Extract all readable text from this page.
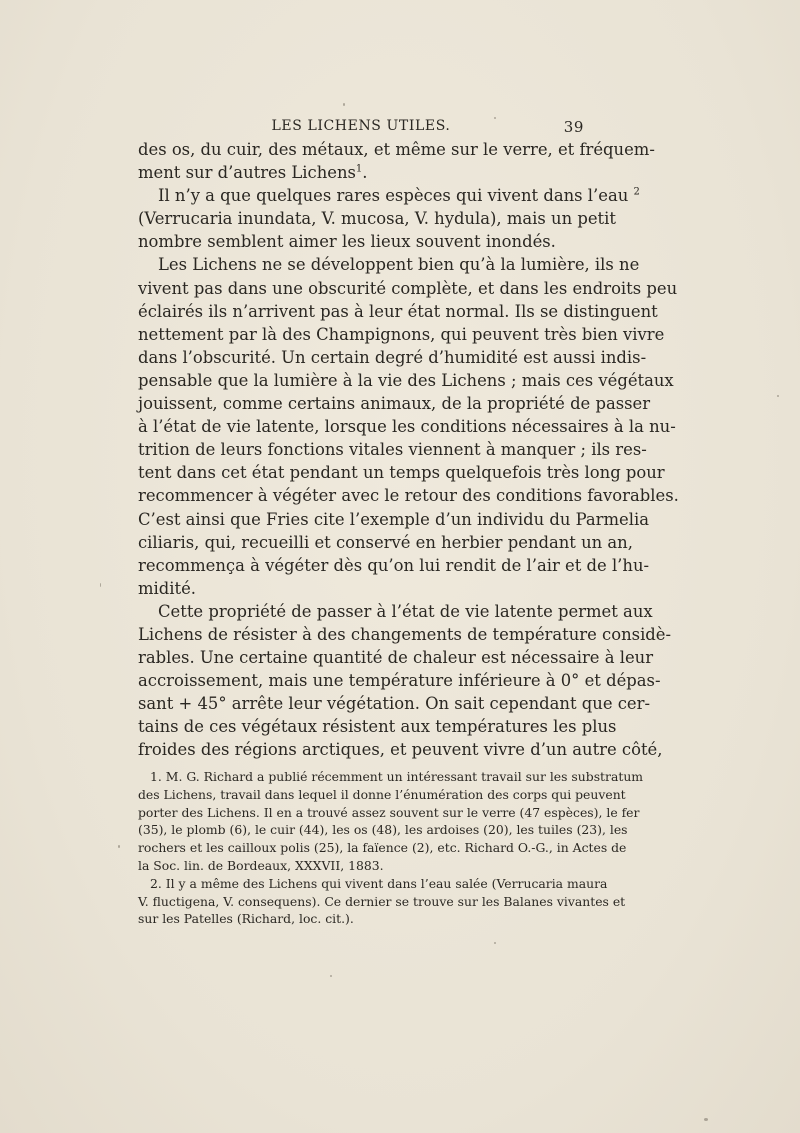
LES LICHENS UTILES.	39
des os, du cuir, des métaux, et même sur le verre, et fréquem-
ment sur d’autres Lichens$^1$.
Il n’y a que quelques rares espèces qui vivent dans l’eau $^2$
(Verrucaria inundata, V. mucosa, V. hydula), mais un petit
nombre semblent aimer les lieux souvent inondés.
Les Lichens ne se développent bien qu’à la lumière, ils ne
vivent pas dans une obscurité complète, et dans les endroits peu
éclairés ils n’arrivent pas à leur état normal. Ils se distinguent
nettement par là des Champignons, qui peuvent très bien vivre
dans l’obscurité. Un certain degré d’humidité est aussi indis-
pensable que la lumière à la vie des Lichens ; mais ces végétaux
jouissent, comme certains animaux, de la propriété de passer
à l’état de vie latente, lorsque les conditions nécessaires à la nu-
trition de leurs fonctions vitales viennent à manquer ; ils res-
tent dans cet état pendant un temps quelquefois très long pour
recommencer à végéter avec le retour des conditions favorables.
C’est ainsi que Fries cite l’exemple d’un individu du Parmelia
ciliaris, qui, recueilli et conservé en herbier pendant un an,
recommença à végéter dès qu’on lui rendit de l’air et de l’hu-
midité.
Cette propriété de passer à l’état de vie latente permet aux
Lichens de résister à des changements de température considè-
rables. Une certaine quantité de chaleur est nécessaire à leur
accroissement, mais une température inférieure à 0° et dépas-
sant + 45° arrête leur végétation. On sait cependant que cer-
tains de ces végétaux résistent aux températures les plus
froides des régions arctiques, et peuvent vivre d’un autre côté,
1. M. G. Richard a publié récemment un intéressant travail sur les substratum
des Lichens, travail dans lequel il donne l’énumération des corps qui peuvent
porter des Lichens. Il en a trouvé assez souvent sur le verre (47 espèces), le fer
(35), le plomb (6), le cuir (44), les os (48), les ardoises (20), les tuiles (23), les
rochers et les cailloux polis (25), la faïence (2), etc. Richard O.-G., in Actes de
la Soc. lin. de Bordeaux, XXXVII, 1883.
2. Il y a même des Lichens qui vivent dans l’eau salée (Verrucaria maura
V. fluctigena, V. consequens). Ce dernier se trouve sur les Balanes vivantes et
sur les Patelles (Richard, loc. cit.).
